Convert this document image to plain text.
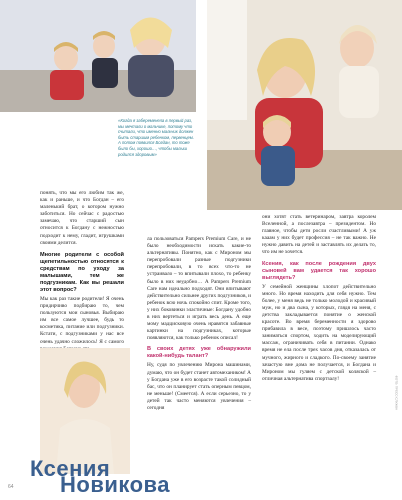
«Когда я забеременела в первый раз, мы мечтали о мальчике, потому что считали, что именно мальчик должен быть старшим ребенком, первенцем. А потом появился Богдан, то тоже было бы, хорошо…, чтобы малыш родился здоровым»

понять, что мы его любим так же, как и раньше, и что Богдан – его маленький брат, о котором нужно заботиться. Но сейчас с радостью замечаю, что старший сын относится к Богдану с нежностью подходит к нему, гладит, игрушками своими делится.

Многие родители с особой щепетильностью относятся к средствам по уходу за малышами, тем же подгузникам. Как вы решали этот вопрос?

Мы как раз такие родители! Я очень придирчиво подбираю то, чем пользуются мои сыновья. Выбираю им все самое лучшее, будь то косметика, питание или подгузники. Кстати, с подгузниками у нас все очень удачно сложилось! Я с самого

ла пользоваться Pampers Premium Care, и не было необходимости искать какие-то альтернативы. Понятно, как с Мироном мы перепробовали разные подгузники перепробовали, в то всех что-то не устраивало – то впитывали плохо, то ребенку было в них неудобно… А Pampers Premium Care нам идеально подходят. Они впитывают действительно сильнее других подгузников, и ребенок всю ночь спокойно спит. Кроме того, у них боковинки эластичные: Богдану удобно в них вертеться и играть весь день. А еще мому мадцисковую очень нравятся забавные картинки на подгузниках, которые появляются, как только ребенок описал!

В своих детях уже обнаружили какой-нибудь талант?

Ну, судя по увлечению Мирона машинами, думаю, что он будет станет автомехаником! А у Богдана уже в его возрасте такой солидный бас, что он планирует стать оперным певцом, не меньше! (Смеется). А если серьезно, то у детей так часто меняются увлечения – сегодня

они хотят стать ветеринаром, завтра королем Вселенной, а послезавтра – президентом. Но главное, чтобы дети росли счастливыми! А уж кааам у них будет профессия – не так важно. Не нужно давить на детей и заставлять их делать то, что им не хочется.

Ксения, как после рождения двух сыновей вам удается так хорошо выглядеть?

У семейной женщины хлопот действительно много. Но время находить для себя нужно. Тем более, у меня ведь не только молодой и красивый муж, но и два сына, у которых, глядя на меня, с детства закладывается понятие о женской красоте. Во время беременности я здорово прибавила в весе, поэтому пришлось часто заниматься спортом, ходить на моделирующий массаж, ограничивать себя в питании. Однако время не ела после трех часов дня, отказалась от мучного, жирного и сладкого. По-своему занятие зачастую вне дома не получается, и Богдана и Мироном мы гуляем с детской коляской – отличная альтернатива спортзалу!

Ксения
Новикова
64
ФОТО: ПРЕСС-СЛУЖБА
